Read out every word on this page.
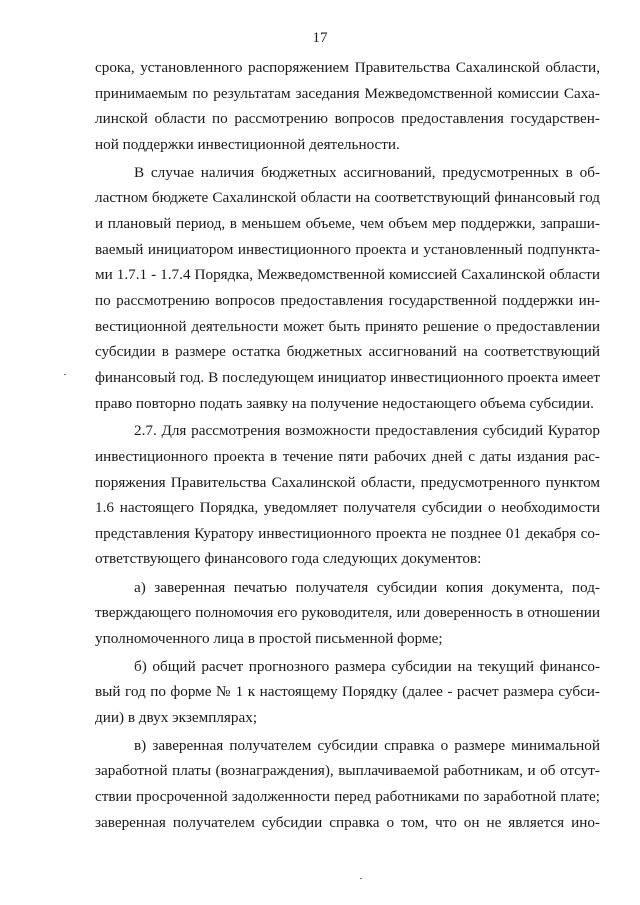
17
срока, установленного распоряжением Правительства Сахалинской области,
принимаемым по результатам заседания Межведомственной комиссии Саха-
линской области по рассмотрению вопросов предоставления государствен-
ной поддержки инвестиционной деятельности.
В случае наличия бюджетных ассигнований, предусмотренных в об-
ластном бюджете Сахалинской области на соответствующий финансовый год
и плановый период, в меньшем объеме, чем объем мер поддержки, запраши-
ваемый инициатором инвестиционного проекта и установленный подпункта-
ми 1.7.1 - 1.7.4 Порядка, Межведомственной комиссией Сахалинской области
по рассмотрению вопросов предоставления государственной поддержки ин-
вестиционной деятельности может быть принято решение о предоставлении
субсидии в размере остатка бюджетных ассигнований на соответствующий
финансовый год. В последующем инициатор инвестиционного проекта имеет
право повторно подать заявку на получение недостающего объема субсидии.
2.7. Для рассмотрения возможности предоставления субсидий Куратор
инвестиционного проекта в течение пяти рабочих дней с даты издания рас-
поряжения Правительства Сахалинской области, предусмотренного пунктом
1.6 настоящего Порядка, уведомляет получателя субсидии о необходимости
представления Куратору инвестиционного проекта не позднее 01 декабря со-
ответствующего финансового года следующих документов:
а) заверенная печатью получателя субсидии копия документа, под-
тверждающего полномочия его руководителя, или доверенность в отношении
уполномоченного лица в простой письменной форме;
б) общий расчет прогнозного размера субсидии на текущий финансо-
вый год по форме № 1 к настоящему Порядку (далее - расчет размера субси-
дии) в двух экземплярах;
в) заверенная получателем субсидии справка о размере минимальной
заработной платы (вознаграждения), выплачиваемой работникам, и об отсут-
ствии просроченной задолженности перед работниками по заработной плате;
заверенная получателем субсидии справка о том, что он не является ино-
